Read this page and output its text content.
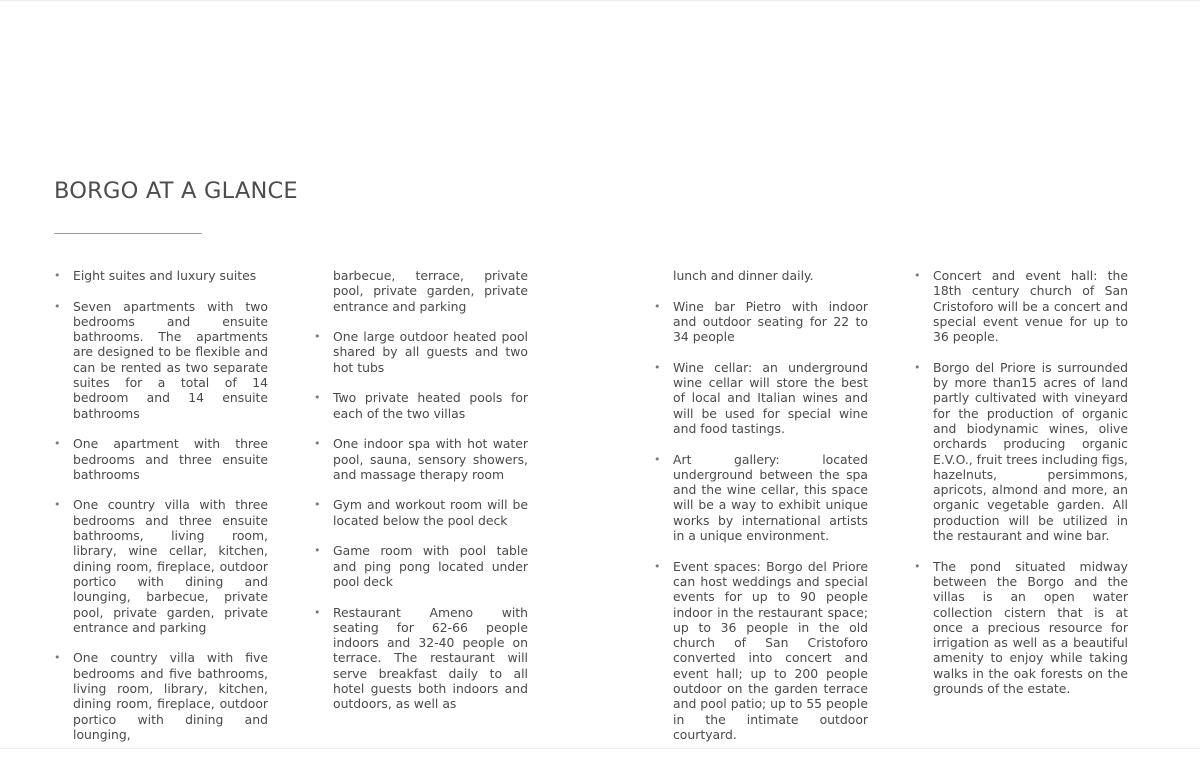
BORGO AT A GLANCE
• Eight suites and luxury suites
• Seven apartments with two bedrooms and ensuite bathrooms. The apartments are designed to be flexible and can be rented as two separate suites for a total of 14 bedroom and 14 ensuite bathrooms
• One apartment with three bedrooms and three ensuite bathrooms
• One country villa with three bedrooms and three ensuite bathrooms, living room, library, wine cellar, kitchen, dining room, fireplace, outdoor portico with dining and lounging, barbecue, private pool, private garden, private entrance and parking
• One country villa with five bedrooms and five bathrooms, living room, library, kitchen, dining room, fireplace, outdoor portico with dining and lounging,
barbecue, terrace, private pool, private garden, private entrance and parking
• One large outdoor heated pool shared by all guests and two hot tubs
• Two private heated pools for each of the two villas
• One indoor spa with hot water pool, sauna, sensory showers, and massage therapy room
• Gym and workout room will be located below the pool deck
• Game room with pool table and ping pong located under pool deck
• Restaurant Ameno with seating for 62-66 people indoors and 32-40 people on terrace. The restaurant will serve breakfast daily to all hotel guests both indoors and outdoors, as well as
lunch and dinner daily.
• Wine bar Pietro with indoor and outdoor seating for 22 to 34 people
• Wine cellar: an underground wine cellar will store the best of local and Italian wines and will be used for special wine and food tastings.
• Art gallery: located underground between the spa and the wine cellar, this space will be a way to exhibit unique works by international artists in a unique environment.
• Event spaces: Borgo del Priore can host weddings and special events for up to 90 people indoor in the restaurant space; up to 36 people in the old church of San Cristoforo converted into concert and event hall; up to 200 people outdoor on the garden terrace and pool patio; up to 55 people in the intimate outdoor courtyard.
• Concert and event hall: the 18th century church of San Cristoforo will be a concert and special event venue for up to 36 people.
• Borgo del Priore is surrounded by more than15 acres of land partly cultivated with vineyard for the production of organic and biodynamic wines, olive orchards producing organic E.V.O., fruit trees including figs, hazelnuts, persimmons, apricots, almond and more, an organic vegetable garden. All production will be utilized in the restaurant and wine bar.
• The pond situated midway between the Borgo and the villas is an open water collection cistern that is at once a precious resource for irrigation as well as a beautiful amenity to enjoy while taking walks in the oak forests on the grounds of the estate.
